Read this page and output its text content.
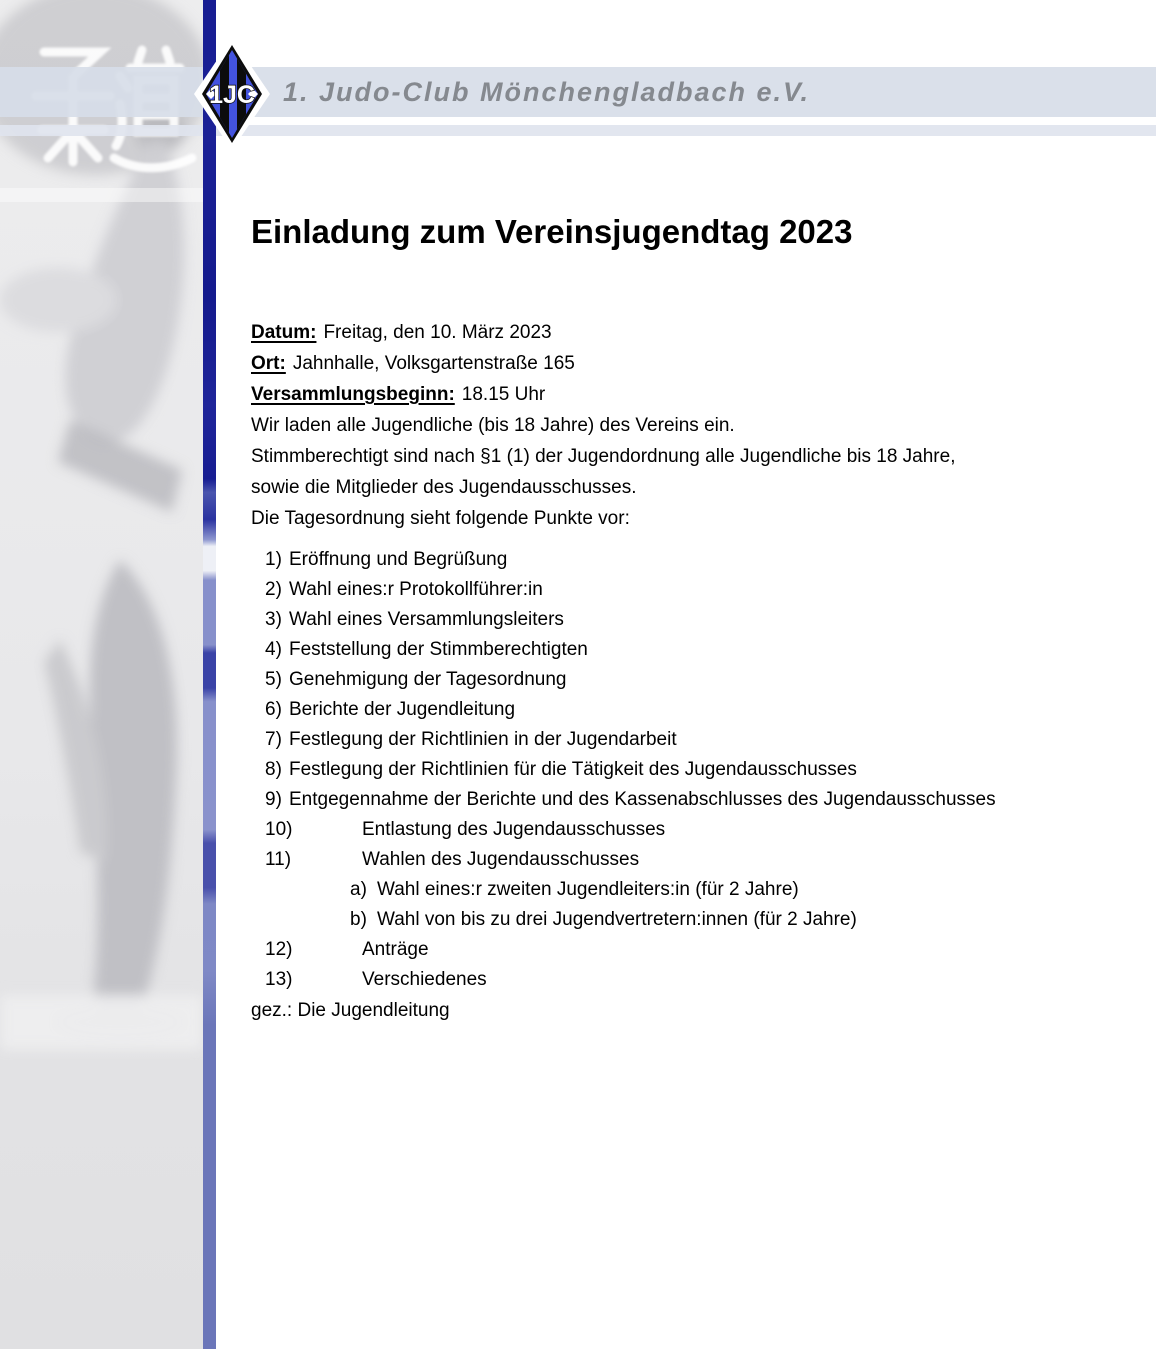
1. Judo-Club Mönchengladbach e.V.
1JC
Einladung zum Vereinsjugendtag 2023

Datum: Freitag, den 10. März 2023

Ort: Jahnhalle, Volksgartenstraße 165

Versammlungsbeginn: 18.15 Uhr

Wir laden alle Jugendliche (bis 18 Jahre) des Vereins ein.

Stimmberechtigt sind nach §1 (1) der Jugendordnung alle Jugendliche bis 18 Jahre,

sowie die Mitglieder des Jugendausschusses.

Die Tagesordnung sieht folgende Punkte vor:

1) Eröffnung und Begrüßung
2) Wahl eines:r Protokollführer:in
3) Wahl eines Versammlungsleiters
4) Feststellung der Stimmberechtigten
5) Genehmigung der Tagesordnung
6) Berichte der Jugendleitung
7) Festlegung der Richtlinien in der Jugendarbeit
8) Festlegung der Richtlinien für die Tätigkeit des Jugendausschusses
9) Entgegennahme der Berichte und des Kassenabschlusses des Jugendausschusses
10)	Entlastung des Jugendausschusses
11)	Wahlen des Jugendausschusses
a) Wahl eines:r zweiten Jugendleiters:in (für 2 Jahre)
b) Wahl von bis zu drei Jugendvertretern:innen (für 2 Jahre)
12)	Anträge
13)	Verschiedenes

gez.: Die Jugendleitung
